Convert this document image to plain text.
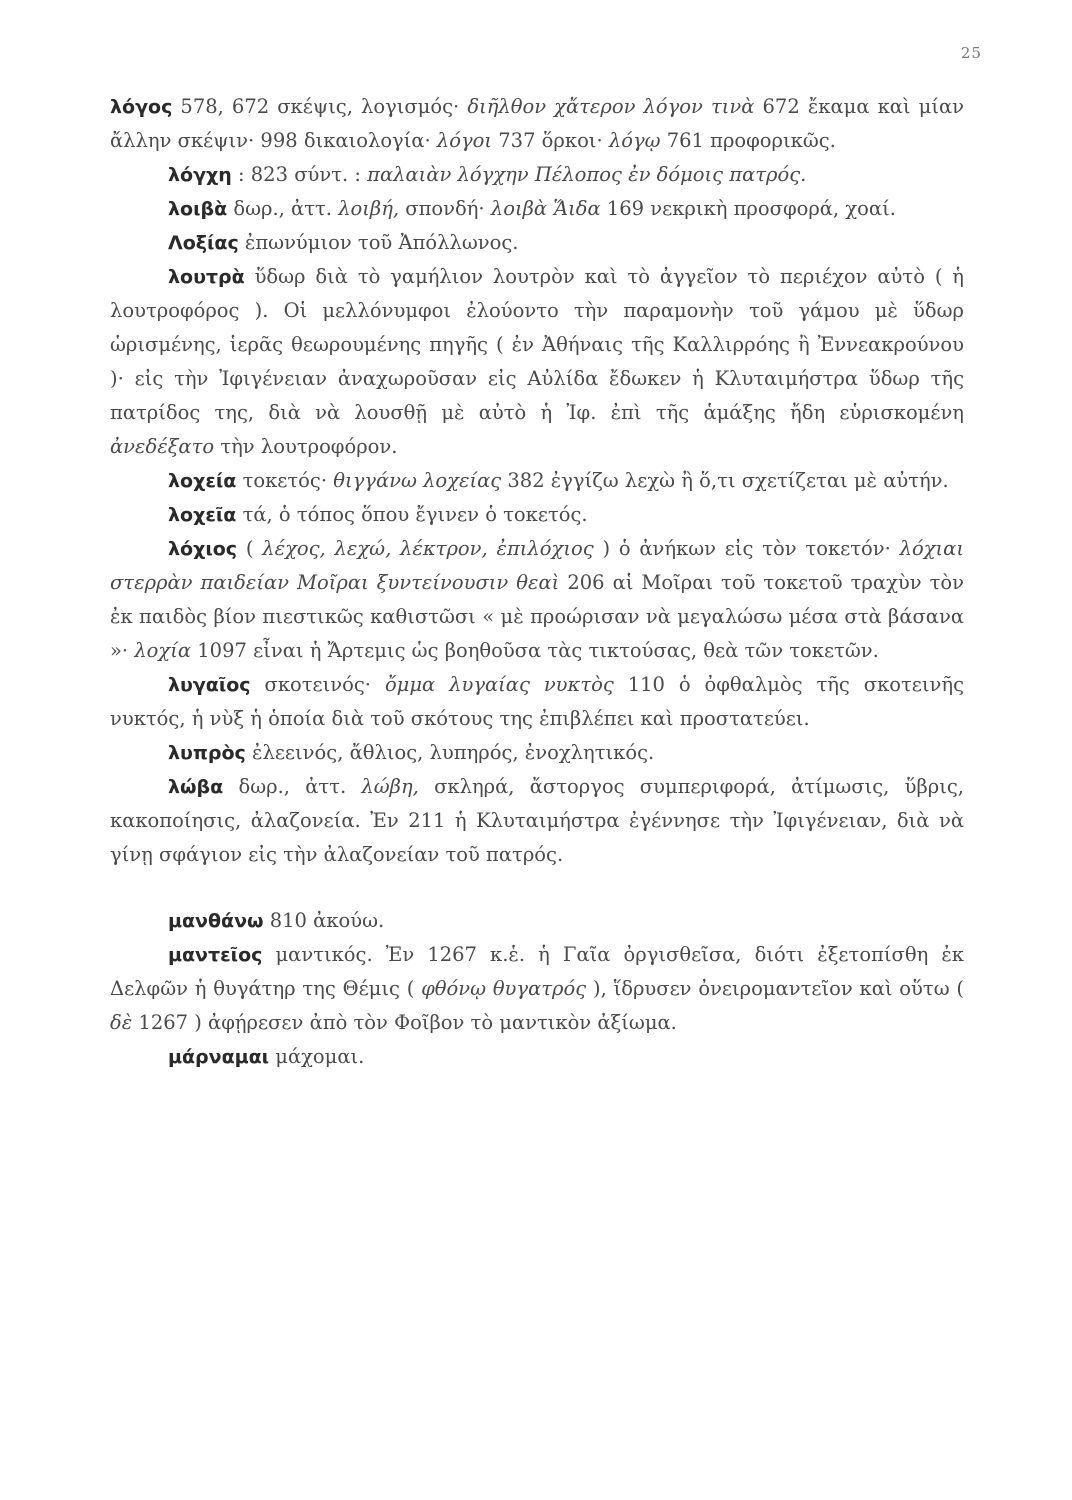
25

λόγος 578, 672 σκέψις, λογισμός· διῆλθον χἄτερον λόγον τινὰ 672 ἔκαμα καὶ μίαν ἄλλην σκέψιν· 998 δικαιολογία· λόγοι 737 ὅρκοι· λόγῳ 761 προφορικῶς.

λόγχη : 823 σύντ. : παλαιὰν λόγχην Πέλοπος ἐν δόμοις πατρός.

λοιβὰ δωρ., ἀττ. λοιβή, σπονδή· λοιβὰ Ἅιδα 169 νεκρικὴ προσφορά, χοαί.

Λοξίας ἐπωνύμιον τοῦ Ἀπόλλωνος.

λουτρὰ ὕδωρ διὰ τὸ γαμήλιον λουτρὸν καὶ τὸ ἀγγεῖον τὸ περιέχον αὐτὸ ( ἡ λουτροφόρος ). Οἱ μελλόνυμφοι ἐλούοντο τὴν παραμονὴν τοῦ γάμου μὲ ὕδωρ ὡρισμένης, ἱερᾶς θεωρουμένης πηγῆς ( ἐν Ἀθήναις τῆς Καλλιρρόης ἢ Ἐννεακρούνου )· εἰς τὴν Ἰφιγένειαν ἀναχωροῦσαν εἰς Αὐλίδα ἔδωκεν ἡ Κλυταιμήστρα ὕδωρ τῆς πατρίδος της, διὰ νὰ λουσθῇ μὲ αὐτὸ ἡ Ἰφ. ἐπὶ τῆς ἁμάξης ἤδη εὑρισκομένη ἀνεδέξατο τὴν λουτροφόρον.

λοχεία τοκετός· θιγγάνω λοχείας 382 ἐγγίζω λεχὼ ἢ ὅ,τι σχετίζεται μὲ αὐτήν.

λοχεῖα τά, ὁ τόπος ὅπου ἔγινεν ὁ τοκετός.

λόχιος ( λέχος, λεχώ, λέκτρον, ἐπιλόχιος ) ὁ ἀνήκων εἰς τὸν τοκετόν· λόχιαι στερρὰν παιδείαν Μοῖραι ξυντείνουσιν θεαὶ 206 αἱ Μοῖραι τοῦ τοκετοῦ τραχὺν τὸν ἐκ παιδὸς βίον πιεστικῶς καθιστῶσι « μὲ προώρισαν νὰ μεγαλώσω μέσα στὰ βάσανα »· λοχία 1097 εἶναι ἡ Ἄρτεμις ὡς βοηθοῦσα τὰς τικτούσας, θεὰ τῶν τοκετῶν.

λυγαῖος σκοτεινός· ὄμμα λυγαίας νυκτὸς 110 ὁ ὀφθαλμὸς τῆς σκοτεινῆς νυκτός, ἡ νὺξ ἡ ὁποία διὰ τοῦ σκότους της ἐπιβλέπει καὶ προστατεύει.

λυπρὸς ἐλεεινός, ἄθλιος, λυπηρός, ἐνοχλητικός.

λώβα δωρ., ἀττ. λώβη, σκληρά, ἄστοργος συμπεριφορά, ἀτίμωσις, ὕβρις, κακοποίησις, ἀλαζονεία. Ἐν 211 ἡ Κλυταιμήστρα ἐγέννησε τὴν Ἰφιγένειαν, διὰ νὰ γίνῃ σφάγιον εἰς τὴν ἀλαζονείαν τοῦ πατρός.

μανθάνω 810 ἀκούω.

μαντεῖος μαντικός. Ἐν 1267 κ.ἑ. ἡ Γαῖα ὀργισθεῖσα, διότι ἐξετοπίσθη ἐκ Δελφῶν ἡ θυγάτηρ της Θέμις ( φθόνῳ θυγατρός ), ἵδρυσεν ὀνειρομαντεῖον καὶ οὕτω ( δὲ 1267 ) ἀφῄρεσεν ἀπὸ τὸν Φοῖβον τὸ μαντικὸν ἀξίωμα.

μάρναμαι μάχομαι.
